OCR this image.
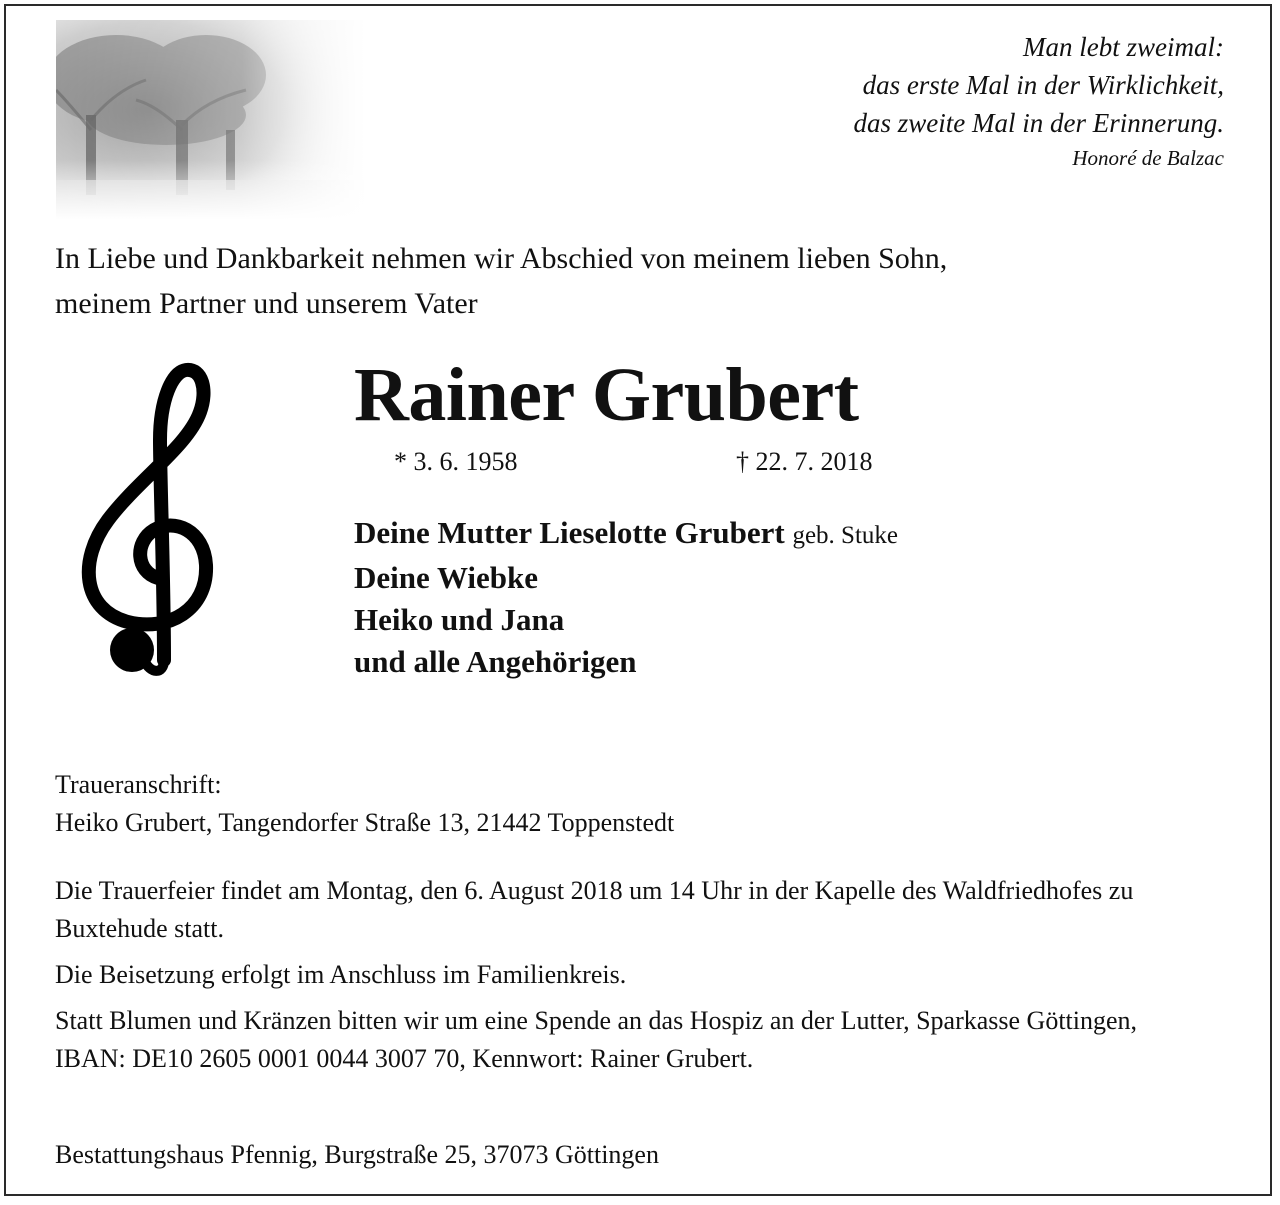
Man lebt zweimal:
das erste Mal in der Wirklichkeit,
das zweite Mal in der Erinnerung.
Honoré de Balzac
In Liebe und Dankbarkeit nehmen wir Abschied von meinem lieben Sohn,
meinem Partner und unserem Vater
Rainer Grubert
* 3. 6. 1958	† 22. 7. 2018
Deine Mutter Lieselotte Grubert geb. Stuke
Deine Wiebke
Heiko und Jana
und alle Angehörigen
Traueranschrift:
Heiko Grubert, Tangendorfer Straße 13, 21442 Toppenstedt

Die Trauerfeier findet am Montag, den 6. August 2018 um 14 Uhr in der Kapelle des Waldfriedhofes zu Buxtehude statt.

Die Beisetzung erfolgt im Anschluss im Familienkreis.

Statt Blumen und Kränzen bitten wir um eine Spende an das Hospiz an der Lutter, Sparkasse Göttingen, IBAN: DE10 2605 0001 0044 3007 70, Kennwort: Rainer Grubert.

Bestattungshaus Pfennig, Burgstraße 25, 37073 Göttingen
